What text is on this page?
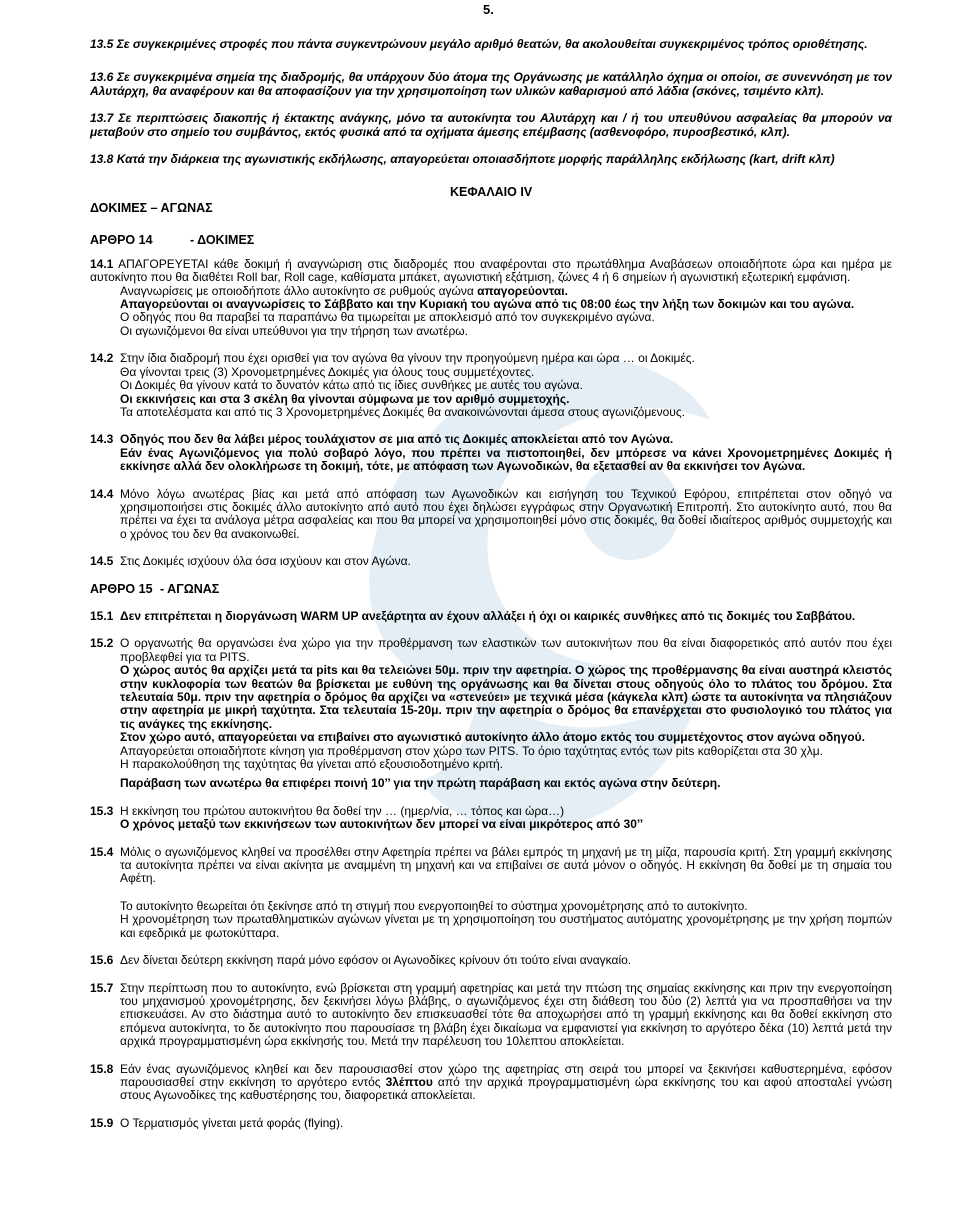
5.

13.5 Σε συγκεκριμένες στροφές που πάντα συγκεντρώνουν μεγάλο αριθμό θεατών, θα ακολουθείται συγκεκριμένος τρόπος οριοθέτησης.

13.6 Σε συγκεκριμένα σημεία της διαδρομής, θα υπάρχουν δύο άτομα της Οργάνωσης με κατάλληλο όχημα οι οποίοι, σε συνεννόηση με τον Αλυτάρχη, θα αναφέρουν και θα αποφασίζουν για την χρησιμοποίηση των υλικών καθαρισμού από λάδια (σκόνες, τσιμέντο κλπ).

13.7 Σε περιπτώσεις διακοπής ή έκτακτης ανάγκης, μόνο τα αυτοκίνητα του Αλυτάρχη και / ή του υπευθύνου ασφαλείας θα μπορούν να μεταβούν στο σημείο του συμβάντος, εκτός φυσικά από τα οχήματα άμεσης επέμβασης (ασθενοφόρο, πυροσβεστικό, κλπ).

13.8 Κατά την διάρκεια της αγωνιστικής εκδήλωσης, απαγορεύεται οποιασδήποτε μορφής παράλληλης εκδήλωσης (kart, drift κλπ)

ΚΕΦΑΛΑΙΟ IV
ΔΟΚΙΜΕΣ – ΑΓΩΝΑΣ

ΑΡΘΡΟ 14	- ΔΟΚΙΜΕΣ

14.1 ΑΠΑΓΟΡΕΥΕΤΑΙ κάθε δοκιμή ή αναγνώριση στις διαδρομές που αναφέρονται στο πρωτάθλημα Αναβάσεων οποιαδήποτε ώρα και ημέρα με αυτοκίνητο που θα διαθέτει Roll bar, Roll cage, καθίσματα μπάκετ, αγωνιστική εξάτμιση, ζώνες 4 ή 6 σημείων ή αγωνιστική εξωτερική εμφάνιση.

Αναγνωρίσεις με οποιοδήποτε άλλο αυτοκίνητο σε ρυθμούς αγώνα απαγορεύονται.

Απαγορεύονται οι αναγνωρίσεις το Σάββατο και την Κυριακή του αγώνα από τις 08:00 έως την λήξη των δοκιμών και του αγώνα.

Ο οδηγός που θα παραβεί τα παραπάνω θα τιμωρείται με αποκλεισμό από τον συγκεκριμένο αγώνα.

Οι αγωνιζόμενοι θα είναι υπεύθυνοι για την τήρηση των ανωτέρω.

14.2 Στην ίδια διαδρομή που έχει ορισθεί για τον αγώνα θα γίνουν την προηγούμενη ημέρα και ώρα … οι Δοκιμές.

Θα γίνονται τρεις (3) Χρονομετρημένες Δοκιμές για όλους τους συμμετέχοντες.

Οι Δοκιμές θα γίνουν κατά το δυνατόν κάτω από τις ίδιες συνθήκες με αυτές του αγώνα.

Οι εκκινήσεις και στα 3 σκέλη θα γίνονται σύμφωνα με τον αριθμό συμμετοχής.

Τα αποτελέσματα και από τις 3 Χρονομετρημένες Δοκιμές θα ανακοινώνονται άμεσα στους αγωνιζόμενους.

14.3 Οδηγός που δεν θα λάβει μέρος τουλάχιστον σε μια από τις Δοκιμές αποκλείεται από τον Αγώνα.

Εάν ένας Αγωνιζόμενος για πολύ σοβαρό λόγο, που πρέπει να πιστοποιηθεί, δεν μπόρεσε να κάνει Χρονομετρημένες Δοκιμές ή εκκίνησε αλλά δεν ολοκλήρωσε τη δοκιμή, τότε, με απόφαση των Αγωνοδικών, θα εξετασθεί αν θα εκκινήσει τον Αγώνα.

14.4 Μόνο λόγω ανωτέρας βίας και μετά από απόφαση των Αγωνοδικών και εισήγηση του Τεχνικού Εφόρου, επιτρέπεται στον οδηγό να χρησιμοποιήσει στις δοκιμές άλλο αυτοκίνητο από αυτό που έχει δηλώσει εγγράφως στην Οργανωτική Επιτροπή. Στο αυτοκίνητο αυτό, που θα πρέπει να έχει τα ανάλογα μέτρα ασφαλείας και που θα μπορεί να χρησιμοποιηθεί μόνο στις δοκιμές, θα δοθεί ιδιαίτερος αριθμός συμμετοχής και ο χρόνος του δεν θα ανακοινωθεί.

14.5 Στις Δοκιμές ισχύουν όλα όσα ισχύουν και στον Αγώνα.

ΑΡΘΡΟ 15 - ΑΓΩΝΑΣ

15.1 Δεν επιτρέπεται η διοργάνωση WARM UP ανεξάρτητα αν έχουν αλλάξει ή όχι οι καιρικές συνθήκες από τις δοκιμές του Σαββάτου.

15.2 Ο οργανωτής θα οργανώσει ένα χώρο για την προθέρμανση των ελαστικών των αυτοκινήτων που θα είναι διαφορετικός από αυτόν που έχει προβλεφθεί για τα PITS.

Ο χώρος αυτός θα αρχίζει μετά τα pits και θα τελειώνει 50μ. πριν την αφετηρία. Ο χώρος της προθέρμανσης θα είναι αυστηρά κλειστός στην κυκλοφορία των θεατών θα βρίσκεται με ευθύνη της οργάνωσης και θα δίνεται στους οδηγούς όλο το πλάτος του δρόμου. Στα τελευταία 50μ. πριν την αφετηρία ο δρόμος θα αρχίζει να «στενεύει» με τεχνικά μέσα (κάγκελα κλπ) ώστε τα αυτοκίνητα να πλησιάζουν στην αφετηρία με μικρή ταχύτητα. Στα τελευταία 15-20μ. πριν την αφετηρία ο δρόμος θα επανέρχεται στο φυσιολογικό του πλάτος για τις ανάγκες της εκκίνησης.

Στον χώρο αυτό, απαγορεύεται να επιβαίνει στο αγωνιστικό αυτοκίνητο άλλο άτομο εκτός του συμμετέχοντος στον αγώνα οδηγού.

Απαγορεύεται οποιαδήποτε κίνηση για προθέρμανση στον χώρο των PITS. Το όριο ταχύτητας εντός των pits καθορίζεται στα 30 χλμ.

Η παρακολούθηση της ταχύτητας θα γίνεται από εξουσιοδοτημένο κριτή.

Παράβαση των ανωτέρω θα επιφέρει ποινή 10’’ για την πρώτη παράβαση και εκτός αγώνα στην δεύτερη.

15.3 Η εκκίνηση του πρώτου αυτοκινήτου θα δοθεί την … (ημερ/νία, … τόπος και ώρα…)

Ο χρόνος μεταξύ των εκκινήσεων των αυτοκινήτων δεν μπορεί να είναι μικρότερος από 30’’

15.4 Μόλις ο αγωνιζόμενος κληθεί να προσέλθει στην Αφετηρία πρέπει να βάλει εμπρός τη μηχανή με τη μίζα, παρουσία κριτή. Στη γραμμή εκκίνησης τα αυτοκίνητα πρέπει να είναι ακίνητα με αναμμένη τη μηχανή και να επιβαίνει σε αυτά μόνον ο οδηγός. Η εκκίνηση θα δοθεί με τη σημαία του Αφέτη.

Το αυτοκίνητο θεωρείται ότι ξεκίνησε από τη στιγμή που ενεργοποιηθεί το σύστημα χρονομέτρησης από το αυτοκίνητο.

Η χρονομέτρηση των πρωταθληματικών αγώνων γίνεται με τη χρησιμοποίηση του συστήματος αυτόματης χρονομέτρησης με την χρήση πομπών και εφεδρικά με φωτοκύτταρα.

15.6 Δεν δίνεται δεύτερη εκκίνηση παρά μόνο εφόσον οι Αγωνοδίκες κρίνουν ότι τούτο είναι αναγκαίο.

15.7 Στην περίπτωση που το αυτοκίνητο, ενώ βρίσκεται στη γραμμή αφετηρίας και μετά την πτώση της σημαίας εκκίνησης και πριν την ενεργοποίηση του μηχανισμού χρονομέτρησης, δεν ξεκινήσει λόγω βλάβης, ο αγωνιζόμενος έχει στη διάθεση του δύο (2) λεπτά για να προσπαθήσει να την επισκευάσει. Αν στο διάστημα αυτό το αυτοκίνητο δεν επισκευασθεί τότε θα αποχωρήσει από τη γραμμή εκκίνησης και θα δοθεί εκκίνηση στο επόμενα αυτοκίνητα, το δε αυτοκίνητο που παρουσίασε τη βλάβη έχει δικαίωμα να εμφανιστεί για εκκίνηση το αργότερο δέκα (10) λεπτά μετά την αρχικά προγραμματισμένη ώρα εκκίνησής του. Μετά την παρέλευση του 10λεπτου αποκλείεται.

15.8 Εάν ένας αγωνιζόμενος κληθεί και δεν παρουσιασθεί στον χώρο της αφετηρίας στη σειρά του μπορεί να ξεκινήσει καθυστερημένα, εφόσον παρουσιασθεί στην εκκίνηση το αργότερο εντός 3λέπτου από την αρχικά προγραμματισμένη ώρα εκκίνησης του και αφού αποσταλεί γνώση στους Αγωνοδίκες της καθυστέρησης του, διαφορετικά αποκλείεται.

15.9 Ο Τερματισμός γίνεται μετά φοράς (flying).
